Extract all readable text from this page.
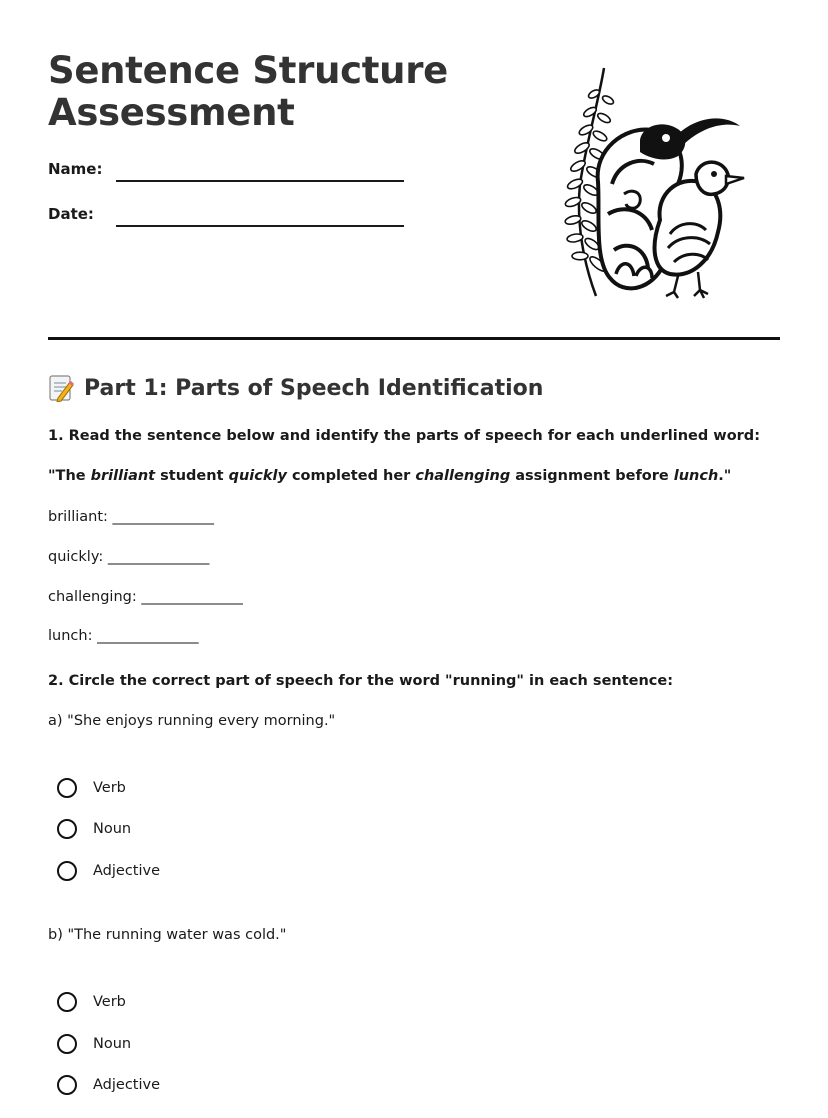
Sentence Structure
Assessment
Name:
Date:
Part 1: Parts of Speech Identification
1. Read the sentence below and identify the parts of speech for each underlined word:
"The brilliant student quickly completed her challenging assignment before lunch."
brilliant: ______________
quickly: ______________
challenging: ______________
lunch: ______________
2. Circle the correct part of speech for the word "running" in each sentence:
a) "She enjoys running every morning."
Verb
Noun
Adjective
b) "The running water was cold."
Verb
Noun
Adjective
